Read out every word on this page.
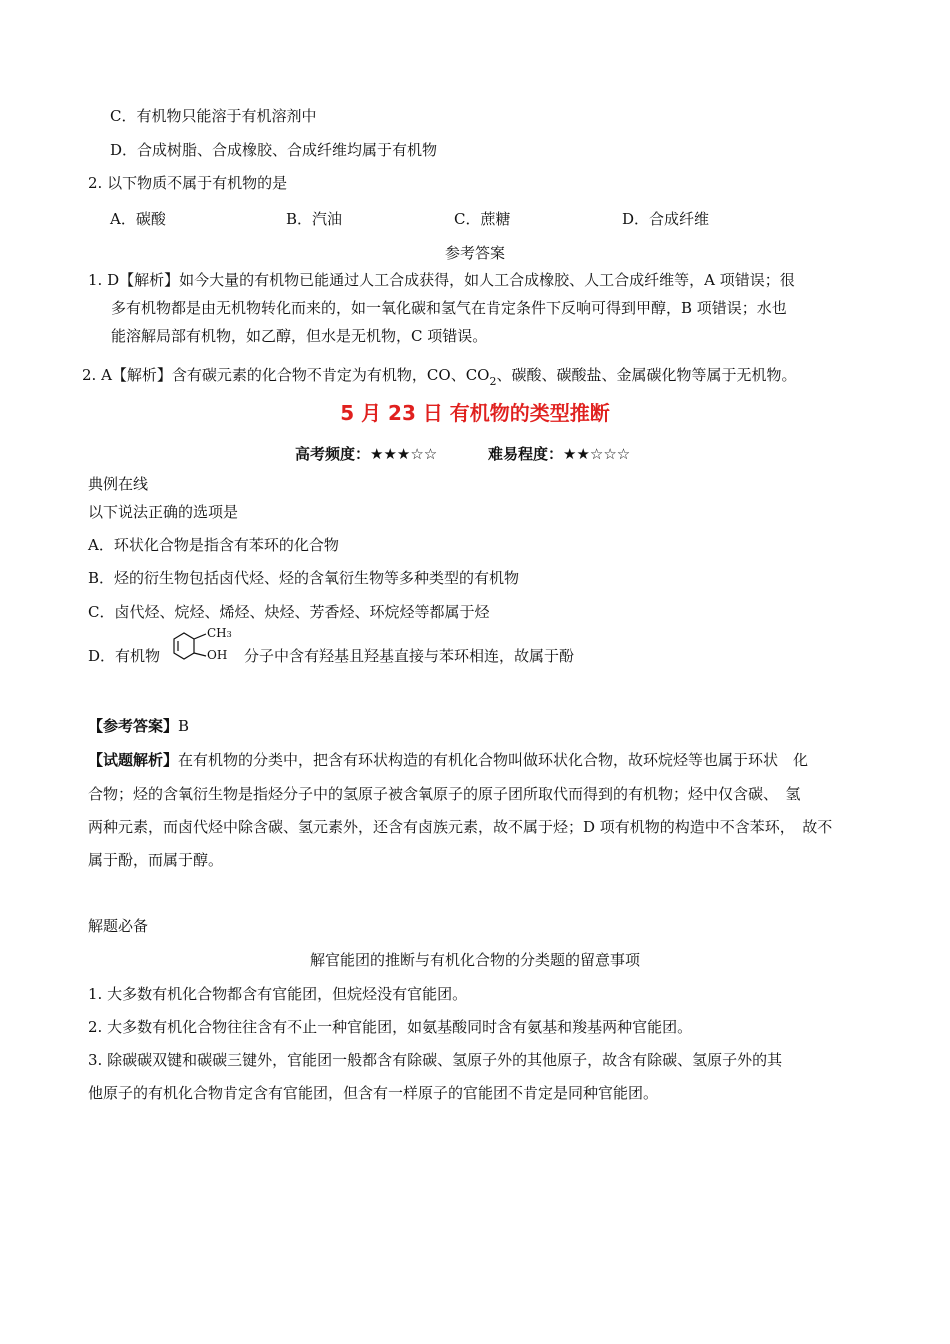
C．有机物只能溶于有机溶剂中
D．合成树脂、合成橡胶、合成纤维均属于有机物
2. 以下物质不属于有机物的是
A．碳酸	B．汽油	C．蔗糖	D．合成纤维
参考答案
1. D【解析】如今大量的有机物已能通过人工合成获得，如人工合成橡胶、人工合成纤维等，A 项错误；很
多有机物都是由无机物转化而来的，如一氧化碳和氢气在肯定条件下反响可得到甲醇，B 项错误；水也
能溶解局部有机物，如乙醇，但水是无机物，C 项错误。
2. A【解析】含有碳元素的化合物不肯定为有机物，CO、$CO_2$、碳酸、碳酸盐、金属碳化物等属于无机物。
5 月 23 日 有机物的类型推断
高考频度：★★★☆☆	难易程度：★★☆☆☆
典例在线
以下说法正确的选项是
A．环状化合物是指含有苯环的化合物
B．烃的衍生物包括卤代烃、烃的含氧衍生物等多种类型的有机物
C．卤代烃、烷烃、烯烃、炔烃、芳香烃、环烷烃等都属于烃
D．有机物
CH3
OH 分子中含有羟基且羟基直接与苯环相连，故属于酚
【参考答案】B
【试题解析】在有机物的分类中，把含有环状构造的有机化合物叫做环状化合物，故环烷烃等也属于环状　化
合物；烃的含氧衍生物是指烃分子中的氢原子被含氧原子的原子团所取代而得到的有机物；烃中仅含碳、　氢
两种元素，而卤代烃中除含碳、氢元素外，还含有卤族元素，故不属于烃；D 项有机物的构造中不含苯环，　故不
属于酚，而属于醇。
解题必备
解官能团的推断与有机化合物的分类题的留意事项
1. 大多数有机化合物都含有官能团，但烷烃没有官能团。
2. 大多数有机化合物往往含有不止一种官能团，如氨基酸同时含有氨基和羧基两种官能团。
3. 除碳碳双键和碳碳三键外，官能团一般都含有除碳、氢原子外的其他原子，故含有除碳、氢原子外的其
他原子的有机化合物肯定含有官能团，但含有一样原子的官能团不肯定是同种官能团。
